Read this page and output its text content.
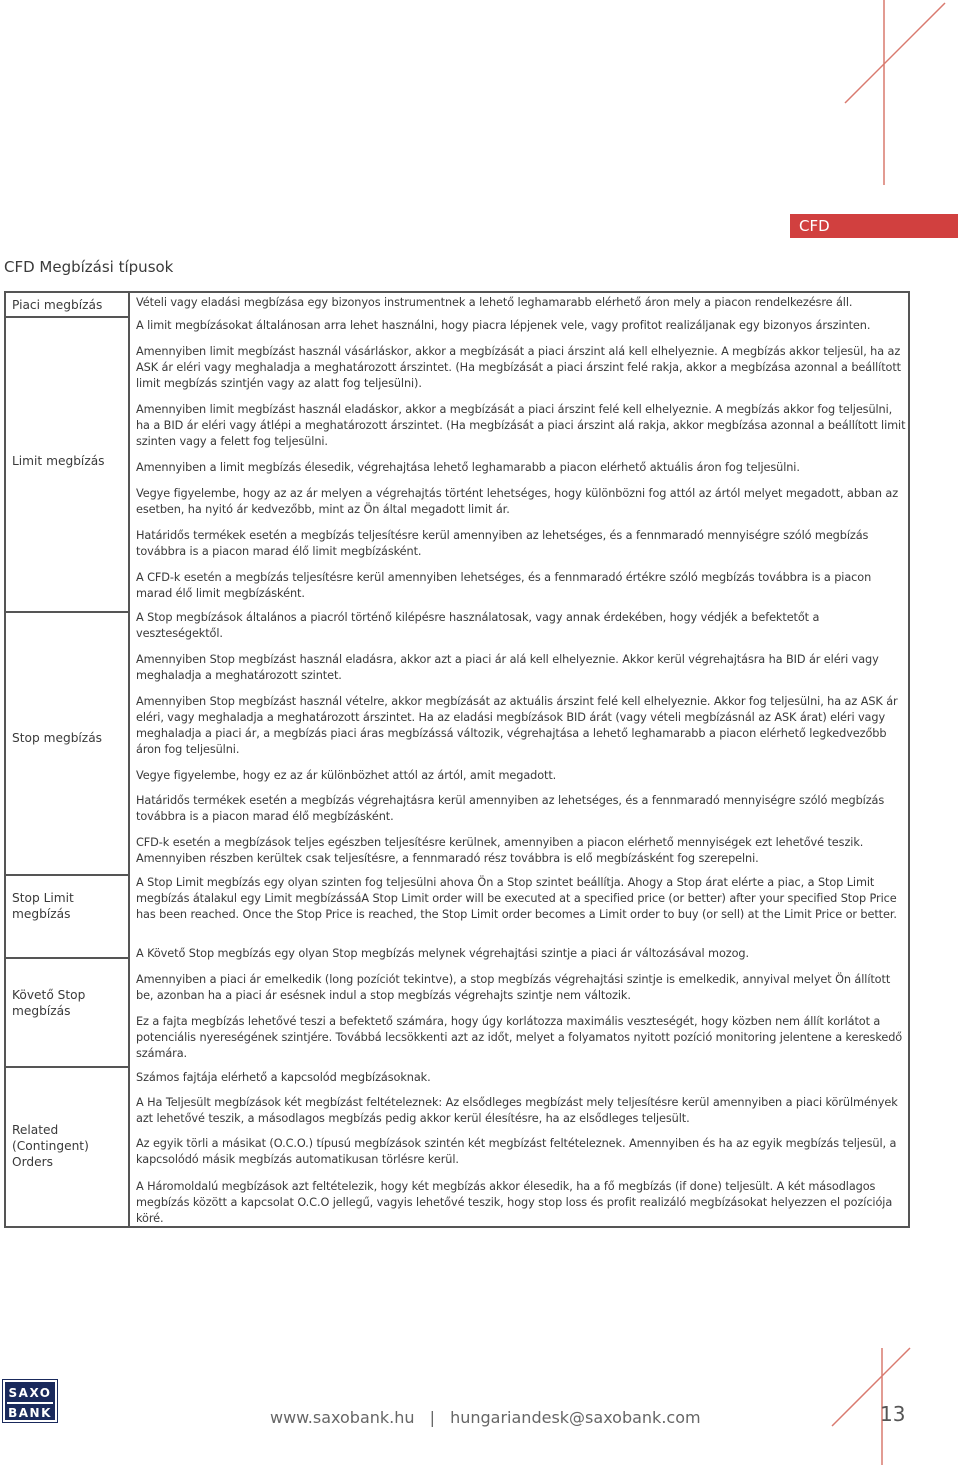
CFD
CFD Megbízási típusok
Piaci megbízás
Limit megbízás
Stop megbízás
Stop Limit megbízás
Követő Stop megbízás
Related (Contingent) Orders

Vételi vagy eladási megbízása egy bizonyos instrumentnek a lehető leghamarabb elérhető áron mely a piacon rendelkezésre áll.

A limit megbízásokat általánosan arra lehet használni, hogy piacra lépjenek vele, vagy profitot realizáljanak egy bizonyos árszinten.

Amennyiben limit megbízást használ vásárláskor, akkor a megbízását a piaci árszint alá kell elhelyeznie. A megbízás akkor teljesül, ha az ASK ár eléri vagy meghaladja a meghatározott árszintet. (Ha megbízását a piaci árszint felé rakja, akkor a megbízása azonnal a beállított limit megbízás szintjén vagy az alatt fog teljesülni).

Amennyiben limit megbízást használ eladáskor, akkor a megbízását a piaci árszint felé kell elhelyeznie. A megbízás akkor fog teljesülni, ha a BID ár eléri vagy átlépi a meghatározott árszintet. (Ha megbízását a piaci árszint alá rakja, akkor megbízása azonnal a beállított limit szinten vagy a felett fog teljesülni.

Amennyiben a limit megbízás élesedik, végrehajtása lehető leghamarabb a piacon elérhető aktuális áron fog teljesülni.

Vegye figyelembe, hogy az az ár melyen a végrehajtás történt lehetséges, hogy különbözni fog attól az ártól melyet megadott, abban az esetben, ha nyitó ár kedvezőbb, mint az Ön által megadott limit ár.

Határidős termékek esetén a megbízás teljesítésre kerül amennyiben az lehetséges, és a fennmaradó mennyiségre szóló megbízás továbbra is a piacon marad élő limit megbízásként.

A CFD-k esetén a megbízás teljesítésre kerül amennyiben lehetséges, és a fennmaradó értékre szóló megbízás továbbra is a piacon marad élő limit megbízásként.

A Stop megbízások általános a piacról történő kilépésre használatosak, vagy annak érdekében, hogy védjék a befektetőt a veszteségektől.

Amennyiben Stop megbízást használ eladásra, akkor azt a piaci ár alá kell elhelyeznie. Akkor kerül végrehajtásra ha BID ár eléri vagy meghaladja a meghatározott szintet.

Amennyiben Stop megbízást használ vételre, akkor megbízását az aktuális árszint felé kell elhelyeznie. Akkor fog teljesülni, ha az ASK ár eléri, vagy meghaladja a meghatározott árszintet. Ha az eladási megbízások BID árát (vagy vételi megbízásnál az ASK árat) eléri vagy meghaladja a piaci ár, a megbízás piaci áras megbízássá változik, végrehajtása a lehető leghamarabb a piacon elérhető legkedvezőbb áron fog teljesülni.

Vegye figyelembe, hogy ez az ár különbözhet attól az ártól, amit megadott.

Határidős termékek esetén a megbízás végrehajtásra kerül amennyiben az lehetséges, és a fennmaradó mennyiségre szóló megbízás továbbra is a piacon marad élő megbízásként.

CFD-k esetén a megbízások teljes egészben teljesítésre kerülnek, amennyiben a piacon elérhető mennyiségek ezt lehetővé teszik. Amennyiben részben kerültek csak teljesítésre, a fennmaradó rész továbbra is elő megbízásként fog szerepelni.

A Stop Limit megbízás egy olyan szinten fog teljesülni ahova Ön a Stop szintet beállítja. Ahogy a Stop árat elérte a piac, a Stop Limit megbízás átalakul egy Limit megbízássáA Stop Limit order will be executed at a specified price (or better) after your specified Stop Price has been reached. Once the Stop Price is reached, the Stop Limit order becomes a Limit order to buy (or sell) at the Limit Price or better.

A Követő Stop megbízás egy olyan Stop megbízás melynek végrehajtási szintje a piaci ár változásával mozog.

Amennyiben a piaci ár emelkedik (long pozíciót tekintve), a stop megbízás végrehajtási szintje is emelkedik, annyival melyet Ön állított be, azonban ha a piaci ár esésnek indul a stop megbízás végrehajts szintje nem változik.

Ez a fajta megbízás lehetővé teszi a befektető számára, hogy úgy korlátozza maximális veszteségét, hogy közben nem állít korlátot a potenciális nyereségének szintjére. Továbbá lecsökkenti azt az időt, melyet a folyamatos nyitott pozíció monitoring jelentene a kereskedő számára.

Számos fajtája elérhető a kapcsolód megbízásoknak.

A Ha Teljesült megbízások két megbízást feltételeznek: Az elsődleges megbízást mely teljesítésre kerül amennyiben a piaci körülmények azt lehetővé teszik, a másodlagos megbízás pedig akkor kerül élesítésre, ha az elsődleges teljesült.

Az egyik törli a másikat (O.C.O.) típusú megbízások szintén két megbízást feltételeznek. Amennyiben és ha az egyik megbízás teljesül, a kapcsolódó másik megbízás automatikusan törlésre kerül.

A Háromoldalú megbízások azt feltételezik, hogy két megbízás akkor élesedik, ha a fő megbízás (if done) teljesült. A két másodlagos megbízás között a kapcsolat O.C.O jellegű, vagyis lehetővé teszik, hogy stop loss és profit realizáló megbízásokat helyezzen el pozíciója köré.

SAXO
BANK	www.saxobank.hu | hungariandesk@saxobank.com	13
